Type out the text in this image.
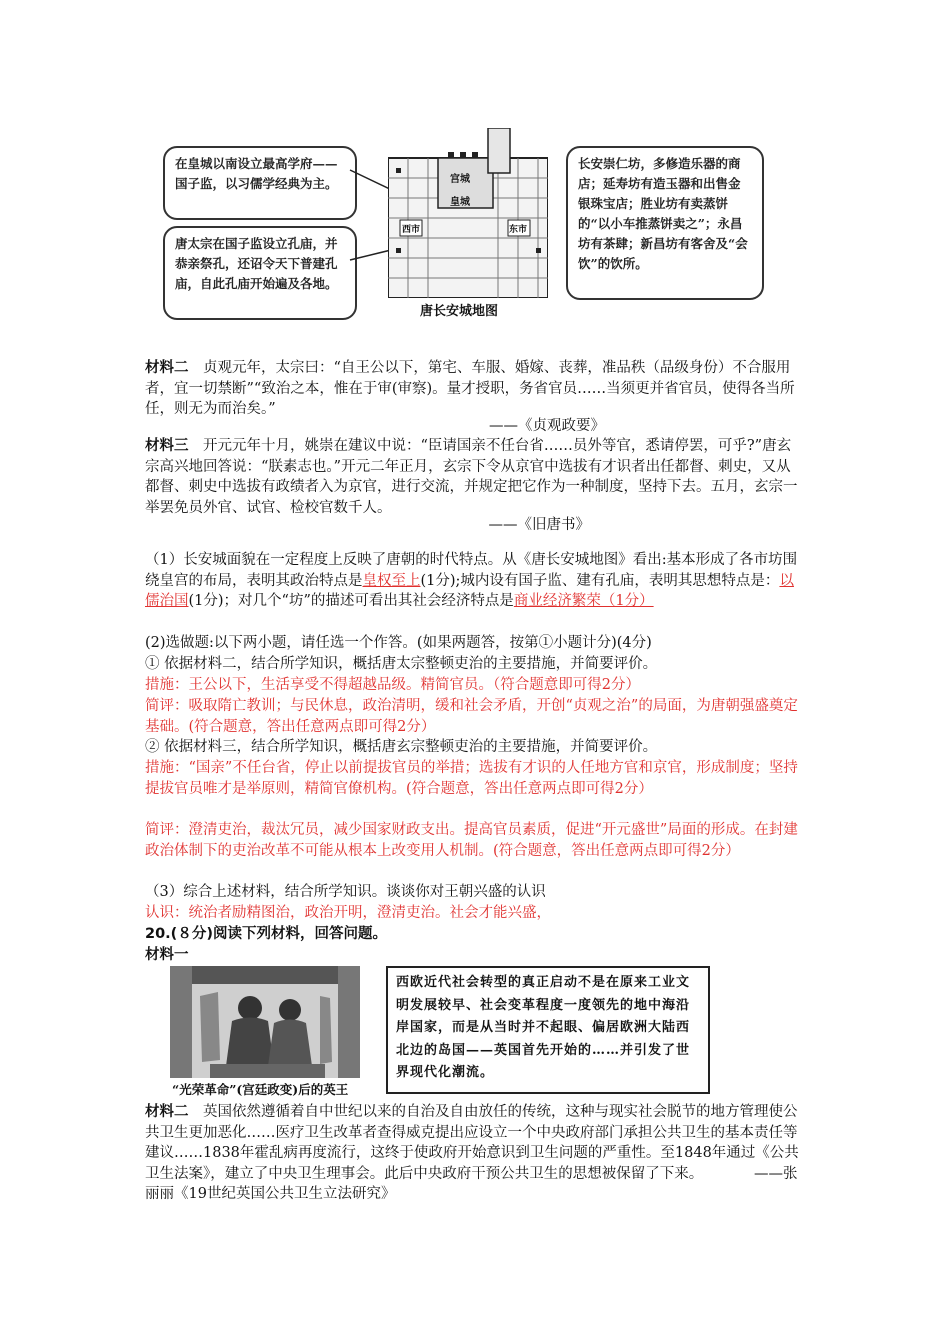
在皇城以南设立最高学府——国子监，以习儒学经典为主。
唐太宗在国子监设立孔庙，并恭亲祭孔，还诏令天下普建孔庙，自此孔庙开始遍及各地。
宫城
皇城
西市	东市
唐长安城地图
长安崇仁坊，多修造乐器的商店；延寿坊有造玉器和出售金银珠宝店；胜业坊有卖蒸饼的“以小车推蒸饼卖之”；永昌坊有茶肆；新昌坊有客舍及“会饮”的饮所。
材料二　贞观元年，太宗曰：“自王公以下，第宅、车服、婚嫁、丧葬，准品秩（品级身份）不合服用者，宜一切禁断”“致治之本，惟在于审(审察)。量才授职，务省官员……当须更并省官员，使得各当所任，则无为而治矣。”
——《贞观政要》
材料三　开元元年十月，姚崇在建议中说：“臣请国亲不任台省……员外等官，悉请停罢，可乎?”唐玄宗高兴地回答说：“朕素志也。”开元二年正月，玄宗下令从京官中选拔有才识者出任都督、刺史，又从都督、刺史中选拔有政绩者入为京官，进行交流，并规定把它作为一种制度，坚持下去。五月，玄宗一举罢免员外官、试官、检校官数千人。
——《旧唐书》
（1）长安城面貌在一定程度上反映了唐朝的时代特点。从《唐长安城地图》看出:基本形成了各市坊围绕皇宫的布局，表明其政治特点是皇权至上(1分);城内设有国子监、建有孔庙，表明其思想特点是：以儒治国(1分)；对几个“坊”的描述可看出其社会经济特点是商业经济繁荣（1分）
(2)选做题:以下两小题，请任选一个作答。(如果两题答，按第①小题计分)(4分)
① 依据材料二，结合所学知识，概括唐太宗整顿吏治的主要措施，并简要评价。
措施：王公以下，生活享受不得超越品级。精简官员。（符合题意即可得2分）
简评：吸取隋亡教训；与民休息，政治清明，缓和社会矛盾，开创“贞观之治”的局面，为唐朝强盛奠定基础。(符合题意，答出任意两点即可得2分）
② 依据材料三，结合所学知识，概括唐玄宗整顿吏治的主要措施，并简要评价。
措施：“国亲”不任台省，停止以前提拔官员的举措；选拔有才识的人任地方官和京官，形成制度；坚持提拔官员唯才是举原则，精简官僚机构。(符合题意，答出任意两点即可得2分）
简评：澄清吏治，裁汰冗员，减少国家财政支出。提高官员素质，促进“开元盛世”局面的形成。在封建政治体制下的吏治改革不可能从根本上改变用人机制。(符合题意，答出任意两点即可得2分）
（3）综合上述材料，结合所学知识。谈谈你对王朝兴盛的认识
认识：统治者励精图治，政治开明，澄清吏治。社会才能兴盛，
20.(８分)阅读下列材料，回答问题。
材料一
“光荣革命”(宫廷政变)后的英王
西欧近代社会转型的真正启动不是在原来工业文明发展较早、社会变革程度一度领先的地中海沿岸国家，而是从当时并不起眼、偏居欧洲大陆西北边的岛国——英国首先开始的……并引发了世界现代化潮流。
材料二　英国依然遵循着自中世纪以来的自治及自由放任的传统，这种与现实社会脱节的地方管理使公共卫生更加恶化……医疗卫生改革者查得威克提出应设立一个中央政府部门承担公共卫生的基本责任等建议……1838年霍乱病再度流行，这终于使政府开始意识到卫生问题的严重性。至1848年通过《公共卫生法案》，建立了中央卫生理事会。此后中央政府干预公共卫生的思想被保留了下来。　　　　——张丽丽《19世纪英国公共卫生立法研究》
